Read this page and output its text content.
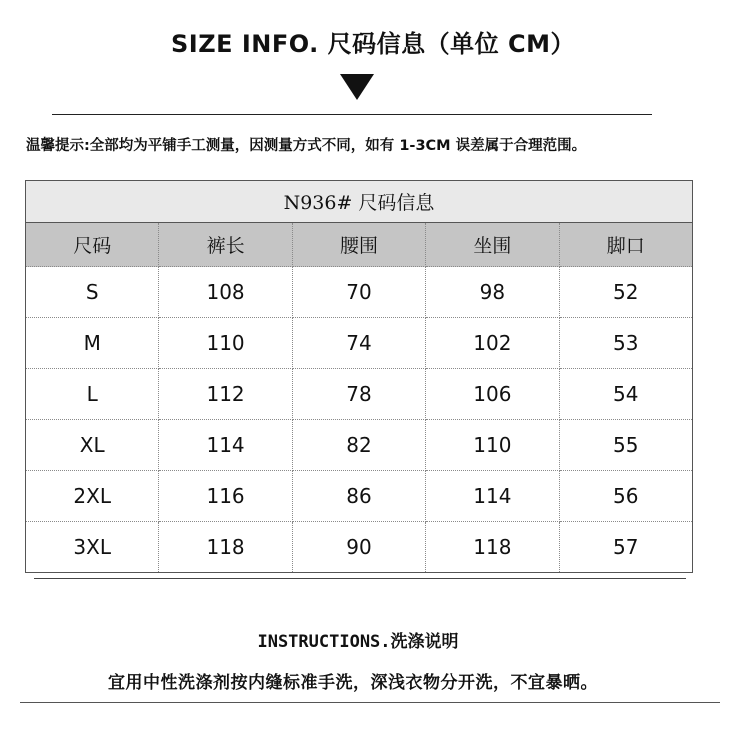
SIZE INFO. 尺码信息（单位 CM）
温馨提示:全部均为平铺手工测量，因测量方式不同，如有 1-3CM 误差属于合理范围。
N936# 尺码信息				
尺码	裤长	腰围	坐围	脚口
S	108	70	98	52
M	110	74	102	53
L	112	78	106	54
XL	114	82	110	55
2XL	116	86	114	56
3XL	118	90	118	57
INSTRUCTIONS.洗涤说明
宜用中性洗涤剂按内缝标准手洗，深浅衣物分开洗，不宜暴晒。
